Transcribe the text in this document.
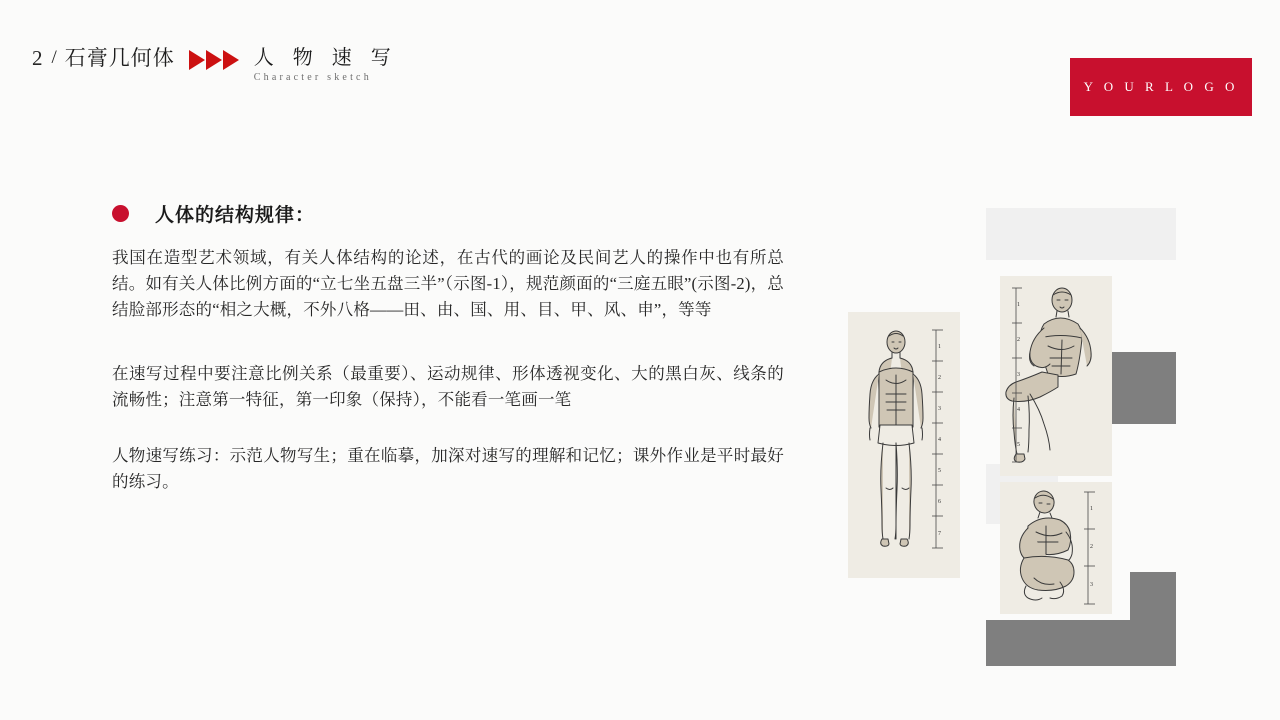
2 / 石膏几何体	人 物 速 写
Character sketch
Y O U R L O G O
人体的结构规律：

我国在造型艺术领域，有关人体结构的论述，在古代的画论及民间艺人的操作中也有所总结。如有关人体比例方面的“立七坐五盘三半”（示图-1），规范颜面的“三庭五眼”(示图-2)，总结脸部形态的“相之大概，不外八格——田、由、国、用、目、甲、风、申”，等等

在速写过程中要注意比例关系（最重要）、运动规律、形体透视变化、大的黑白灰、线条的流畅性；注意第一特征，第一印象（保持），不能看一笔画一笔

人物速写练习：示范人物写生；重在临摹，加深对速写的理解和记忆；课外作业是平时最好的练习。

1
2
3
4
5
6
7
1
2
3
4
5
1
2
3
